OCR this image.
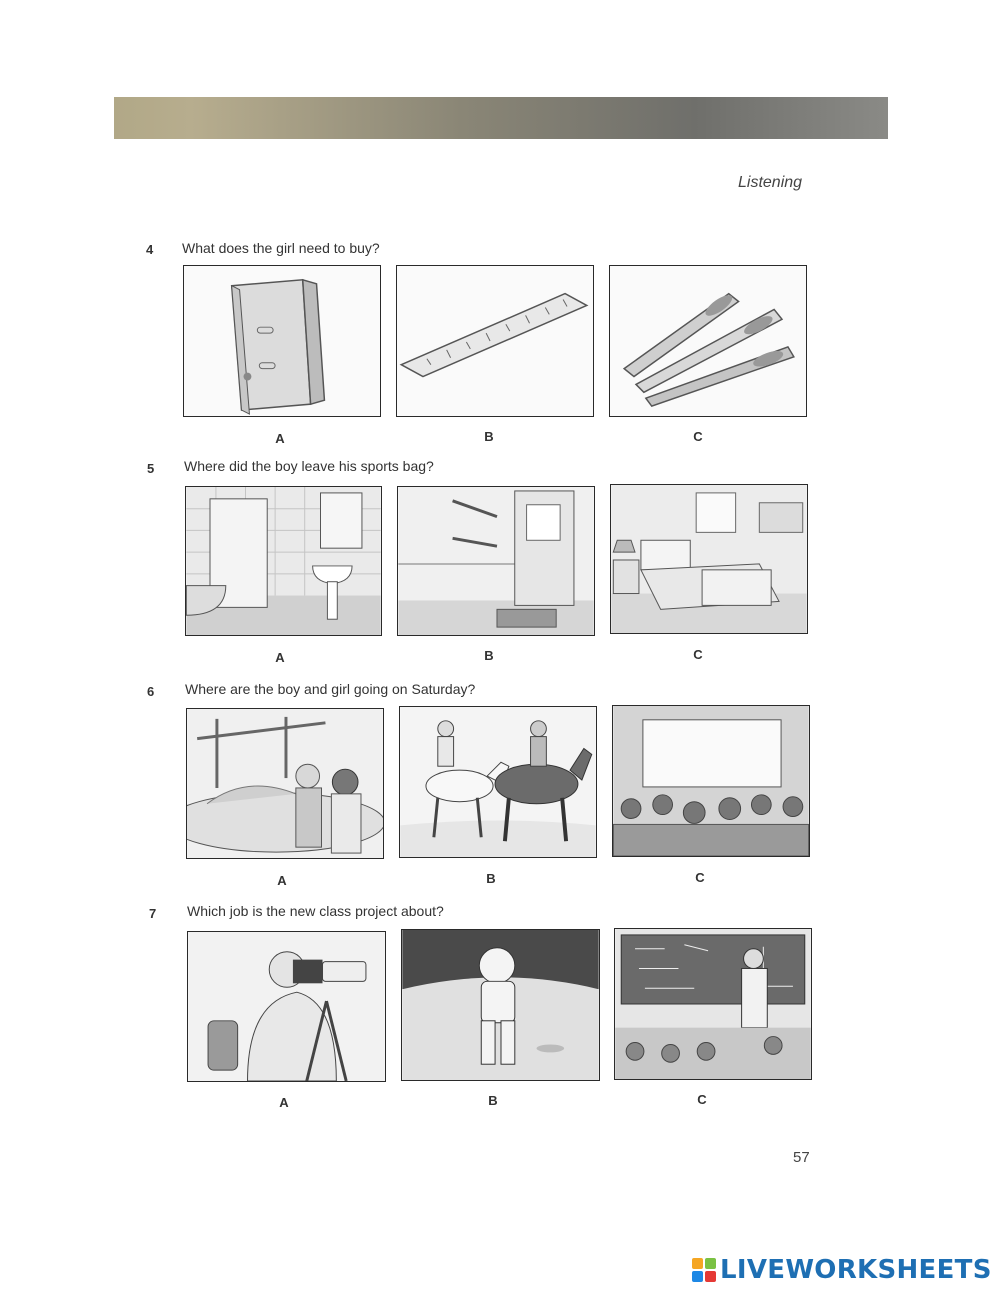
Listening
4 What does the girl need to buy?
A	B	C
5 Where did the boy leave his sports bag?
A	B	C
6 Where are the boy and girl going on Saturday?
A	B	C
7 Which job is the new class project about?
A	B	C
57
LIVEWORKSHEETS
